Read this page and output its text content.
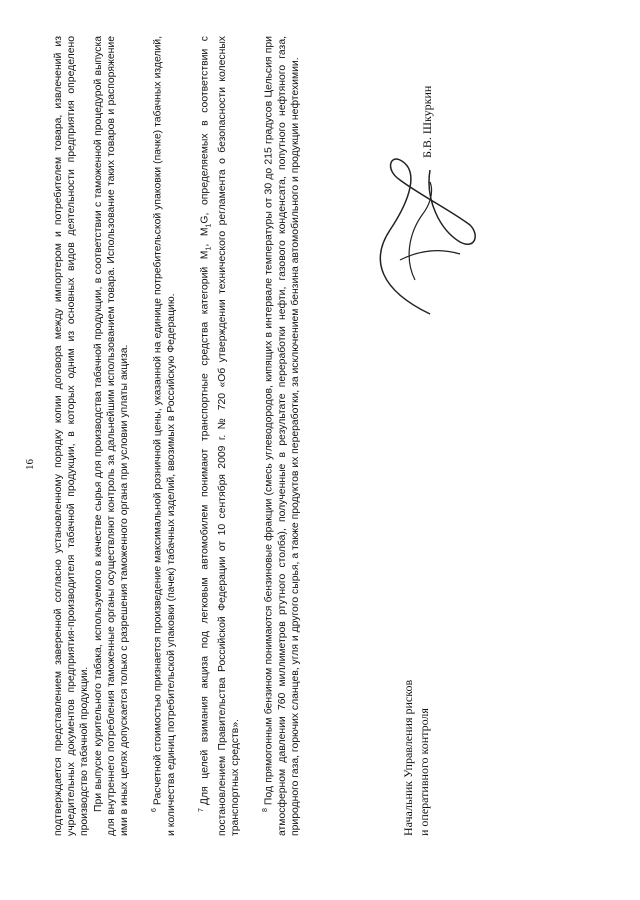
16 подтверждается представлением заверенной согласно установленному порядку копии договора между импортером и потребителем товара, извлечений из учредительных документов предприятия-производителя табачной продукции, в которых одним из основных видов деятельности предприятия определено производство табачной продукции. При выпуске курительного табака, используемого в качестве сырья для производства табачной продукции, в соответствии с таможенной процедурой выпуска для внутреннего потребления таможенные органы осуществляют контроль за дальнейшим использованием товара. Использование таких товаров и распоряжение ими в иных целях допускается только с разрешения таможенного органа при условии уплаты акциза.	$^6$Расчетной стоимостью признается произведение максимальной розничной цены, указанной на единице потребительской упаковки (пачке) табачных изделий, и количества единиц потребительской упаковки (пачек) табачных изделий, ввозимых в Российскую Федерацию.	$^7$Для целей взимания акциза под легковым автомобилем понимают транспортные средства категорий $M_1$, $M_1G$, определяемых в соответствии с постановлением Правительства Российской Федерации от 10 сентября 2009 г. № 720 «Об утверждении технического регламента о безопасности колесных транспортных средств».	$^8$Под прямогонным бензином понимаются бензиновые фракции (смесь углеводородов, кипящих в интервале температуры от 30 до 215 градусов Цельсия при атмосферном давлении 760 миллиметров ртутного столба), полученные в результате переработки нефти, газового конденсата, попутного нефтяного газа, природного газа, горючих сланцев, угля и другого сырья, а также продуктов их переработки, за исключением бензина автомобильного и продукции нефтехимии.	Начальник Управления рисков и оперативного контроля
Б.В. Шкуркин
